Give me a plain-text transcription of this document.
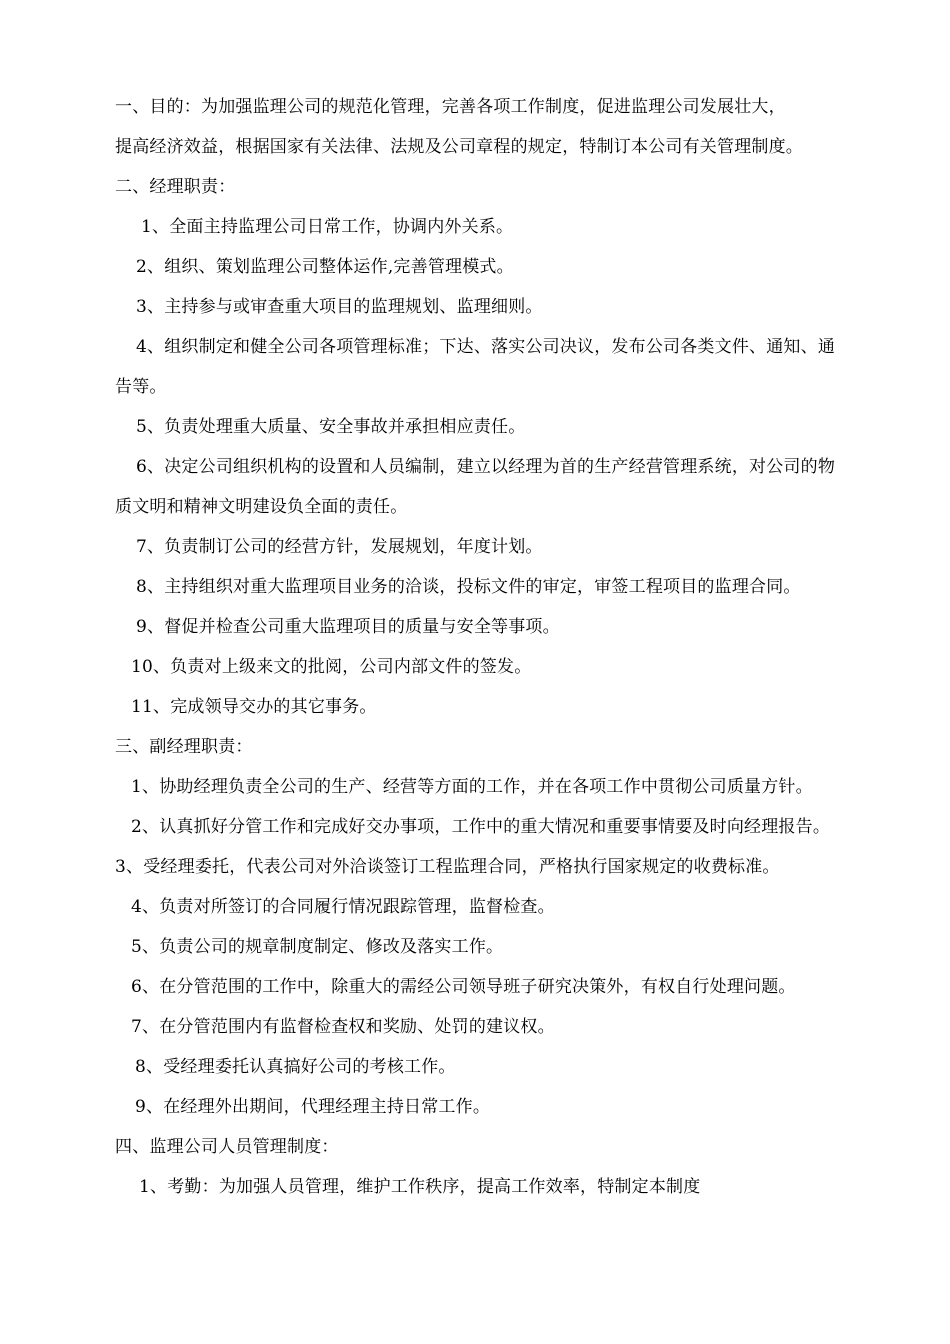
一、目的：为加强监理公司的规范化管理，完善各项工作制度，促进监理公司发展壮大，
提高经济效益，根据国家有关法律、法规及公司章程的规定，特制订本公司有关管理制度。
二、经理职责：
1、全面主持监理公司日常工作，协调内外关系。
2、组织、策划监理公司整体运作,完善管理模式。
3、主持参与或审查重大项目的监理规划、监理细则。
4、组织制定和健全公司各项管理标准；下达、落实公司决议，发布公司各类文件、通知、通
告等。
5、负责处理重大质量、安全事故并承担相应责任。
6、决定公司组织机构的设置和人员编制，建立以经理为首的生产经营管理系统，对公司的物
质文明和精神文明建设负全面的责任。
7、负责制订公司的经营方针，发展规划，年度计划。
8、主持组织对重大监理项目业务的洽谈，投标文件的审定，审签工程项目的监理合同。
9、督促并检查公司重大监理项目的质量与安全等事项。
10、负责对上级来文的批阅，公司内部文件的签发。
11、完成领导交办的其它事务。
三、副经理职责：
1、协助经理负责全公司的生产、经营等方面的工作，并在各项工作中贯彻公司质量方针。
2、认真抓好分管工作和完成好交办事项，工作中的重大情况和重要事情要及时向经理报告。
3、受经理委托，代表公司对外洽谈签订工程监理合同，严格执行国家规定的收费标准。
4、负责对所签订的合同履行情况跟踪管理，监督检查。
5、负责公司的规章制度制定、修改及落实工作。
6、在分管范围的工作中，除重大的需经公司领导班子研究决策外，有权自行处理问题。
7、在分管范围内有监督检查权和奖励、处罚的建议权。
8、受经理委托认真搞好公司的考核工作。
9、在经理外出期间，代理经理主持日常工作。
四、监理公司人员管理制度：
1、考勤：为加强人员管理，维护工作秩序，提高工作效率，特制定本制度
